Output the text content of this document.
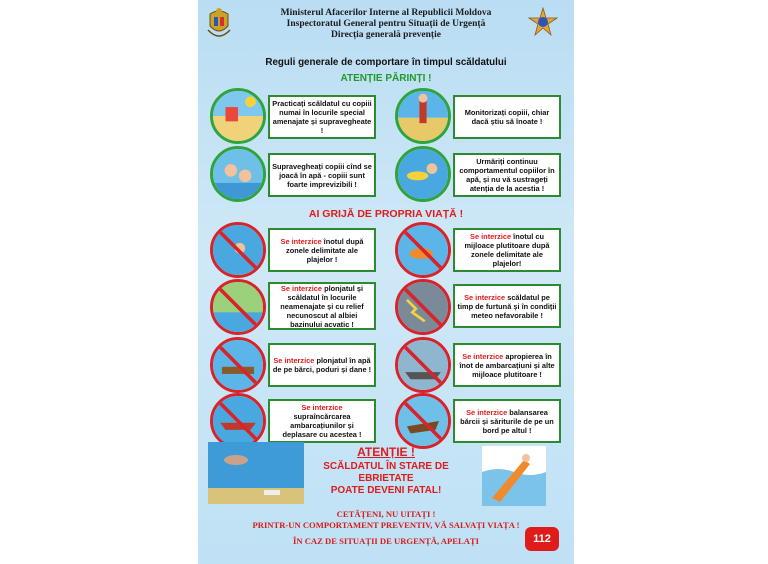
Ministerul Afacerilor Interne al Republicii Moldova
Inspectoratul General pentru Situații de Urgență
Direcția generală prevenție
Reguli generale de comportare în timpul scăldatului
ATENȚIE PĂRINȚI !
Practicați scăldatul cu copiii numai în locurile special amenajate și supravegheate !
Monitorizați copiii, chiar dacă știu să înoate !
Supravegheați copiii cînd se joacă în apă - copiii sunt foarte imprevizibili !
Urmăriți continuu comportamentul copiilor în apă, și nu vă sustrageți atenția de la acestia !
AI GRIJĂ DE PROPRIA VIAȚĂ !
Se interzice înotul după zonele delimitate ale plajelor !
Se interzice înotul cu mijloace plutitoare după zonele delimitate ale plajelor!
Se interzice plonjatul și scăldatul în locurile neamenajate și cu relief necunoscut al albiei bazinului acvatic !
Se interzice scăldatul pe timp de furtună și în condiții meteo nefavorabile !
Se interzice plonjatul în apă de pe bărci, poduri și dane !
Se interzice apropierea în înot de ambarcațiuni și alte mijloace plutitoare !
Se interzice supraîncărcarea ambarcațiunilor și deplasare cu acestea !
Se interzice balansarea bărcii și săriturile de pe un bord pe altul !
ATENȚIE !
SCĂLDATUL ÎN STARE DE
EBRIETATE
POATE DEVENI FATAL!
CETĂȚENI, NU UITAȚI !
PRINTR-UN COMPORTAMENT PREVENTIV, VĂ SALVAȚI VIAȚA !
ÎN CAZ DE SITUAȚII DE URGENȚĂ, APELAȚI	112
